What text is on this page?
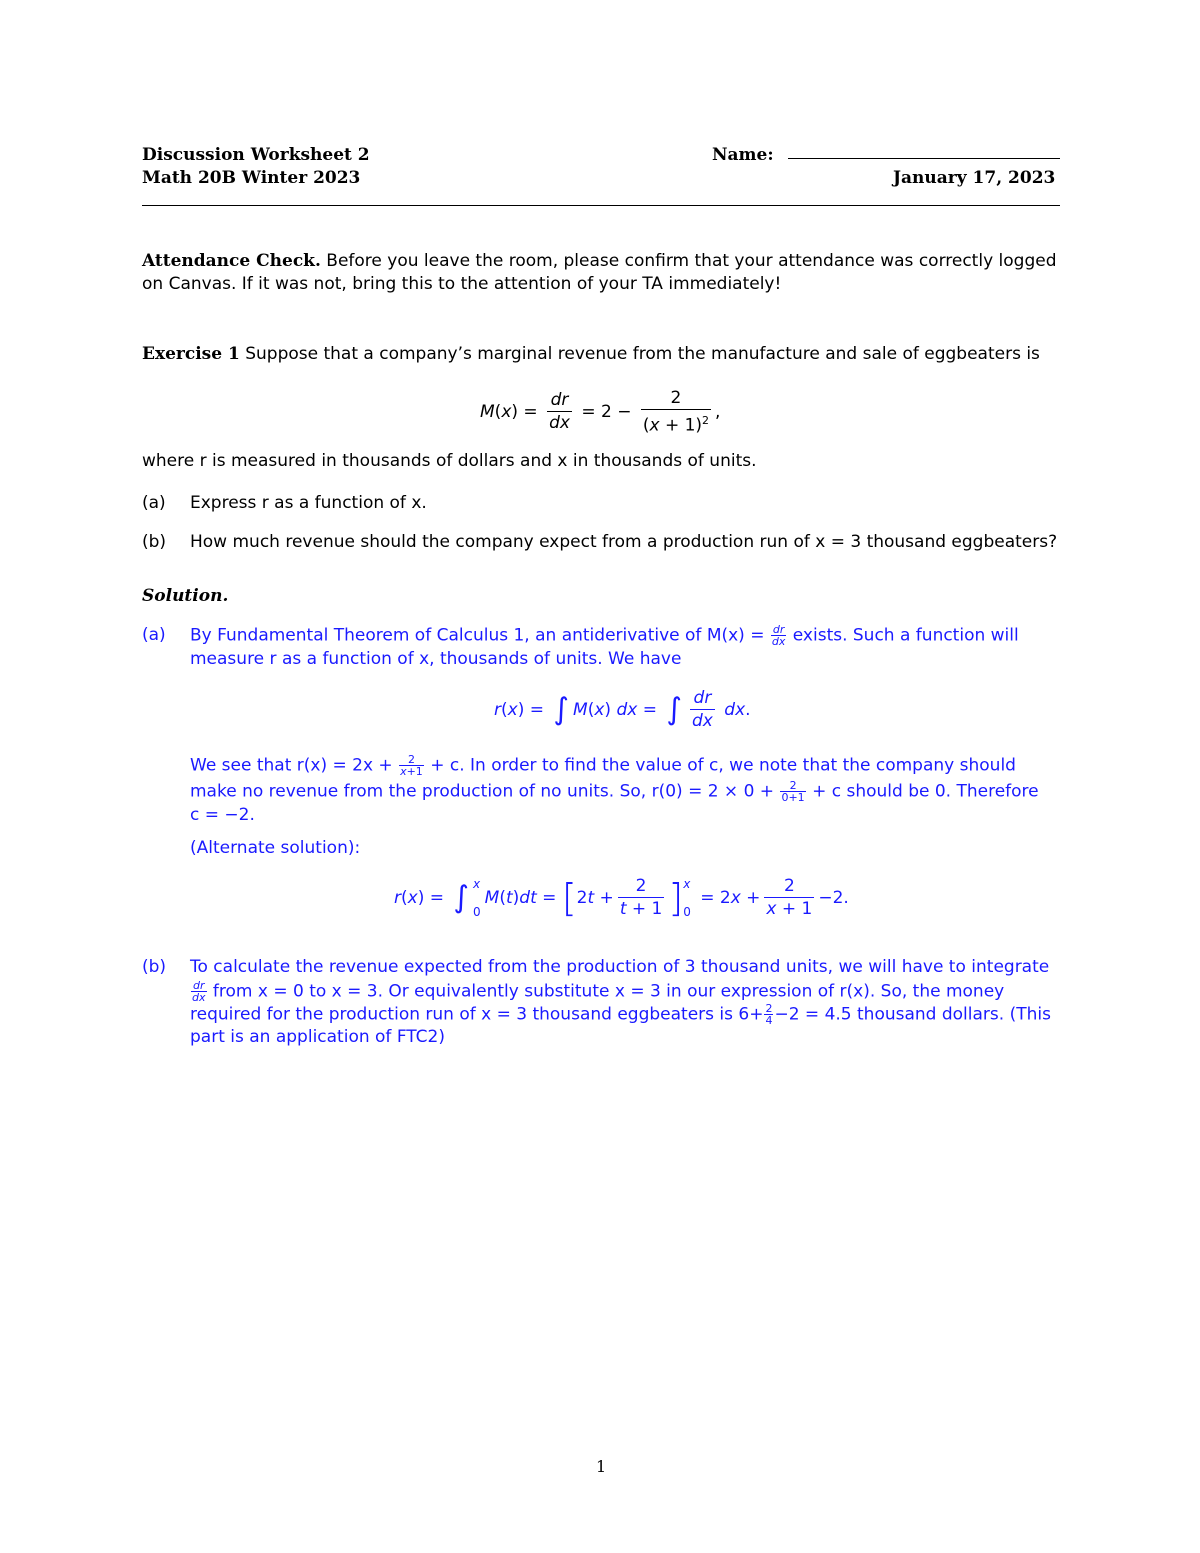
Discussion Worksheet 2
Math 20B Winter 2023
Name:
January 17, 2023
Attendance Check. Before you leave the room, please confirm that your attendance was correctly logged
on Canvas. If it was not, bring this to the attention of your TA immediately!
Exercise 1 Suppose that a company’s marginal revenue from the manufacture and sale of eggbeaters is
M ( x ) = $\frac{dr}{dx} = 2 - \frac{2}{(x + 1)^2}$ ,
where r is measured in thousands of dollars and x in thousands of units.
(a) Express r as a function of x.
(b) How much revenue should the company expect from a production run of x = 3 thousand eggbeaters?
Solution.
(a) By Fundamental Theorem of Calculus 1, an antiderivative of $M(x) = \frac{dr}{dx}$ exists. Such a function will
measure r as a function of x, thousands of units. We have
r ( x ) = ∫ M ( x ) dx = ∫ $\frac{dr}{dx}$
dx .
We see that $r(x) = 2x + \frac{2}{x+1} + c$. In order to find the value of c, we note that the company should
make no revenue from the production of no units. So, $r(0) = 2 \times 0 + \frac{2}{0+1} + c$ should be 0. Therefore
c = −2.
(Alternate solution):
r ( x ) = ∫ x
0
M ( t ) dt = [ 2 $t + \frac{2}{t + 1}$ ] x
0
= 2 $x + \frac{2}{x + 1} -2$.
(b) To calculate the revenue expected from the production of 3 thousand units, we will have to integrate
$\frac{dr}{dx}$ from x = 0 to x = 3. Or equivalently substitute x = 3 in our expression of r(x). So, the money
required for the production run of x = 3 thousand eggbeaters is $6+ \frac{2}{4} -2 = 4.5$ thousand dollars. (This
part is an application of FTC2)
1
